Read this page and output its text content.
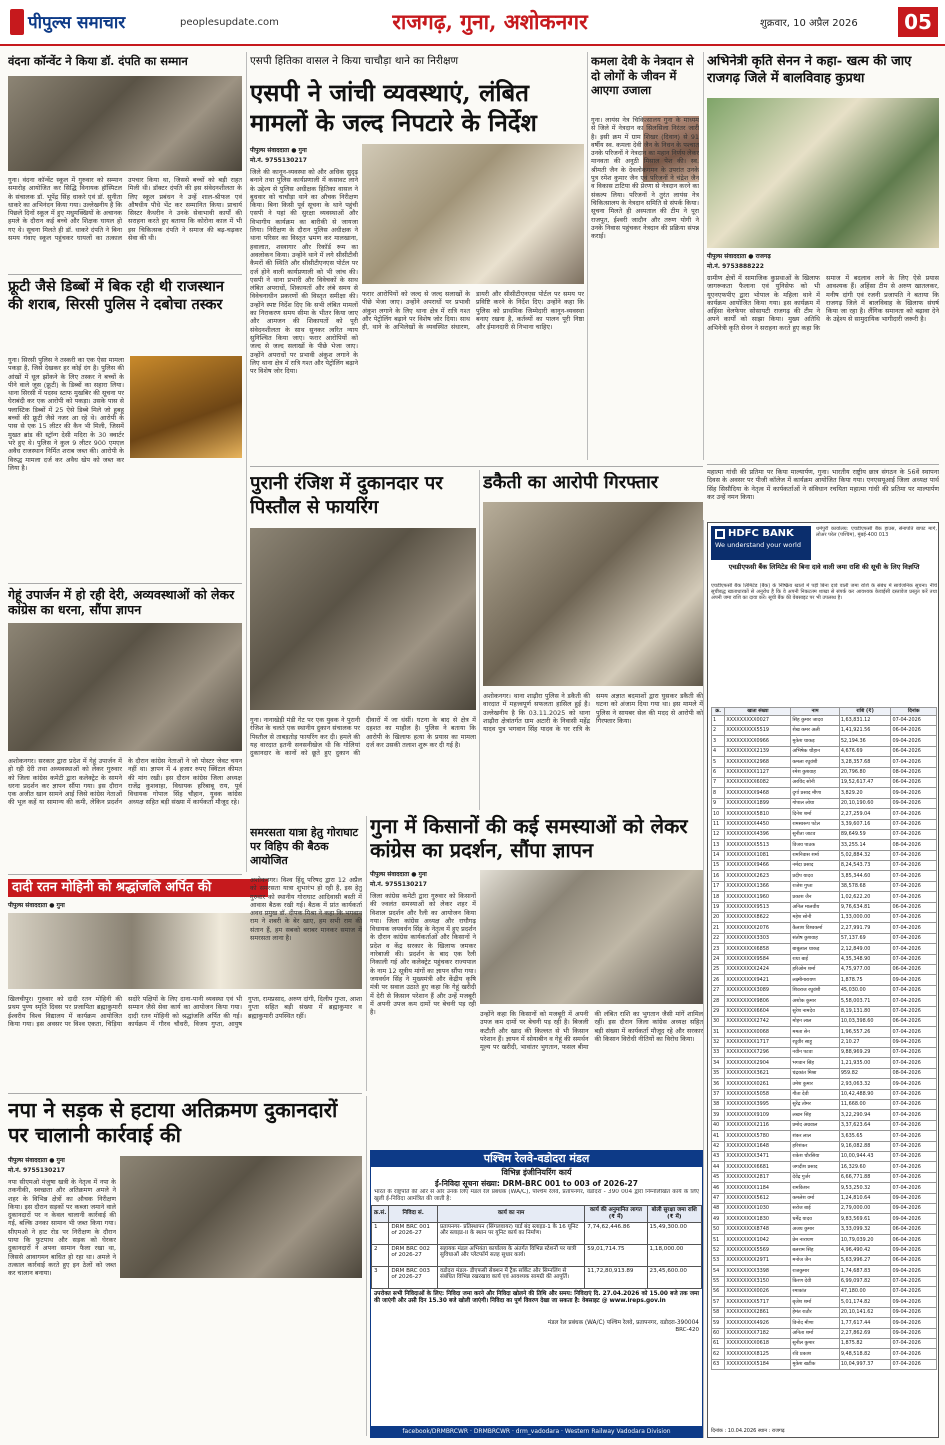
पीपुल्स समाचार	peoplesupdate.com	राजगढ़, गुना, अशोकनगर	शुक्रवार, 10 अप्रैल 2026	05
वंदना कॉन्वेंट ने किया डॉ. दंपति का सम्मान
गुना। वंदना कॉन्वेंट स्कूल में गुरुवार को सम्मान समारोह आयोजित कर सिद्धि विनायक हॉस्पिटल के संचालक डॉ. भूपेंद्र सिंह धाकरे एवं डॉ. सुनीता धाकरे का अभिनंदन किया गया। उल्लेखनीय है कि पिछले दिनों स्कूल में हुए मधुमक्खियों के अचानक हमले के दौरान कई बच्चे और शिक्षक घायल हो गए थे। सूचना मिलते ही डॉ. धाकरे दंपति ने बिना समय गंवाए स्कूल पहुंचकर घायलों का तत्काल उपचार किया था, जिससे बच्चों को बड़ी राहत मिली थी। डॉक्टर दंपति की इस संवेदनशीलता के लिए स्कूल प्रबंधन ने उन्हें शाल-श्रीफल एवं औषधीय पौधे भेंट कर सम्मानित किया। प्राचार्य सिस्टर कैथरीन ने उनके सेवाभावी कार्यों की सराहना करते हुए बताया कि कोरोना काल में भी इस चिकित्सक दंपति ने समाज की बढ़-चढ़कर सेवा की थी।
फ्रूटी जैसे डिब्बों में बिक रही थी राजस्थान की शराब, सिरसी पुलिस ने दबोचा तस्कर
गुना। सिरसी पुलिस ने तस्करी का एक ऐसा मामला पकड़ा है, जिसे देखकर हर कोई दंग है। पुलिस की आंखों में धूल झोंकने के लिए तस्कर ने बच्चों के पीने वाले जूस (फ्रूटी) के डिब्बों का सहारा लिया। थाना सिरसी में पदस्थ स्टाफ मुखबिर की सूचना पर घेराबंदी कर एक आरोपी को पकड़ा। उसके पास से फ्लास्टिक डिब्बों में 25 ऐसे डिब्बे मिले जो हूबहू बच्चों की फ्रूटी जैसे नजर आ रहे थे। आरोपी के पास से एक 15 लीटर की कैन भी मिली, जिसमें मुखत ब्रांड की स्ट्रॉन्ग देसी मदिरा के 30 क्वार्टर भरे हुए थे। पुलिस ने कुल 9 लीटर 900 एमएल अवैध राजस्थान निर्मित शराब जब्त की। आरोपी के विरुद्ध मामला दर्ज कर अवैध खेप को जब्त कर लिया है।
गेहूं उपार्जन में हो रही देरी, अव्यवस्थाओं को लेकर कांग्रेस का धरना, सौंपा ज्ञापन
अशोकनगर। सरकार द्वारा प्रदेश में गेहूं उपार्जन में हो रही देरी तथा अव्यवस्थाओं को लेकर गुरुवार को जिला कांग्रेस कमेटी द्वारा कलेक्ट्रेट के सामने धरना प्रदर्शन कर ज्ञापन सौंपा गया। इस दौरान एक अजीत खान सामने आई जिसे कांग्रेस नेताओं की भूल कहें या सामान्य की कमी, लेकिन प्रदर्शन के दौरान कांग्रेस नेताओं ने जो पोस्टर जेवट चयन नहीं था। ज्ञापन में 4 हजार रुपए क्विंटल कीमत की मांग रखी। इस दौरान कांग्रेस जिला अध्यक्ष राजेंद्र कुशवाहा, विधायक हरिबाबू राय, पूर्व विधायक गोपाल सिंह चौहान, युवक कांग्रेस अध्यक्ष सहित बड़ी संख्या में कार्यकर्ता मौजूद रहे।
दादी रतन मोहिनी को श्रद्धांजलि अर्पित की
पीपुल्स संवाददाता ● गुना
खिलचीपुर। गुरुवार को दादी रतन मोहिनी की प्रथम पुण्य स्मृति दिवस पर प्रजापिता ब्रह्माकुमारी ईश्वरीय विश्व विद्यालय में कार्यक्रम आयोजित किया गया। इस अवसर पर विश्व एकता, चिड़िया सदोरे पक्षियों के लिए दाना-पानी व्यवस्था एवं भी सम्मान जैसे सेवा कार्य का आयोजन किया गया। दादी रतन मोहिनी को श्रद्धांजलि अर्पित की गई। कार्यक्रम में गौरव चौधरी, विजय गुप्ता, आयुष गुप्ता, रामप्रसाद, अरुण दांगी, दिलीप गुप्ता, आशा गुप्ता सहित बड़ी संख्या में ब्रह्माकुमार व ब्रह्माकुमारी उपस्थित रहीं।
नपा ने सड़क से हटाया अतिक्रमण दुकानदारों पर चालानी कार्रवाई की
पीपुल्स संवाददाता ● गुना
मो.नं. 9755130217
नपा सीएमओ मंजुषा खत्री के नेतृत्व में नपा के तकनीकी, स्वच्छता और अतिक्रमण अमले ने शहर के विभिन्न क्षेत्रों का औचक निरीक्षण किया। इस दौरान सड़कों पर कब्जा जमाने वाले दुकानदारों पर न केवल चालानी कार्रवाई की गई, बल्कि उनका सामान भी जब्त किया गया। सीएमओ ने हाट रोड पर निरीक्षण के दौरान पाया कि फुटपाथ और सड़क को घेरकर दुकानदारों ने अपना सामान फैला रखा था, जिससे आवागमन बाधित हो रहा था। अमले ने तत्काल कार्रवाई करते हुए इन ठेलों को जब्त कर चालान बनाया।
एसपी हितिका वासल ने किया चाचौड़ा थाने का निरीक्षण
एसपी ने जांची व्यवस्थाएं, लंबित मामलों के जल्द निपटारे के निर्देश
पीपुल्स संवाददाता ● गुना
मो.नं. 9755130217
जिले की कानून-व्यवस्था को और अधिक सुदृढ़ बनाने तथा पुलिस कार्यप्रणाली में कसावट लाने के उद्देश्य से पुलिस अधीक्षक हितिका वासल ने बुधवार को चाचौड़ा थाने का औचक निरीक्षण किया। बिना किसी पूर्व सूचना के थाने पहुंची एसपी ने यहां की सुरक्षा व्यवस्थाओं और विभागीय कार्यक्रम का बारीकी से जायजा लिया। निरीक्षण के दौरान पुलिस अधीक्षक ने थाना परिसर का विस्तृत भ्रमण कर मालखाना, हवालात, शस्त्रागार और रिकॉर्ड रूम का अवलोकन किया। उन्होंने थाने में लगे सीसीटीवी कैमरों की स्थिति और सीसीटीएनएस पोर्टल पर दर्ज होने वाली कार्यप्रणाली को भी जांच की। एसपी ने थाना प्रभारी और विवेचकों के साथ लंबित अपराधों, शिकायतों और लंबे समय से विवेचनाधीन प्रकरणों की विस्तृत समीक्षा की। उन्होंने स्पष्ट निर्देश दिए कि सभी लंबित मामलों का निराकरण समय सीमा के भीतर किया जाए और आमजन की शिकायतों को पूरी संवेदनशीलता के साथ सुनकर त्वरित न्याय सुनिश्चित किया जाए। फरार आरोपियों को जल्द से जल्द सलाखों के पीछे भेजा जाए। उन्होंने अपराधों पर प्रभावी अंकुश लगाने के लिए थाना क्षेत्र में रात्रि गश्त और पेट्रोलिंग बढ़ाने पर विशेष जोर दिया।
फरार आरोपियों को जल्द से जल्द सलाखों के पीछे भेजा जाए। उन्होंने अपराधों पर प्रभावी अंकुश लगाने के लिए थाना क्षेत्र में रात्रि गश्त और पेट्रोलिंग बढ़ाने पर विशेष जोर दिया। साथ ही, थाने के अभिलेखों के व्यवस्थित संधारण, डायरी और सीसीटीएनएस पोर्टल पर समय पर प्रविष्टि करने के निर्देश दिए। उन्होंने कहा कि पुलिस को प्राथमिक जिम्मेदारी कानून-व्यवस्था बनाए रखना है, कर्तव्यों का पालन पूरी निष्ठा और ईमानदारी से निभाना चाहिए।
कमला देवी के नेत्रदान से दो लोगों के जीवन में आएगा उजाला
गुना। लायंस नेत्र चिकित्सालय गुना के माध्यम से जिले में नेत्रदान का सिलसिला निरंतर जारी है। इसी क्रम में ग्राम शिखर (दिवान) से 91 वर्षीय स्व. कमला देवी जैन के निधन के पश्चात उनके परिजनों ने नेत्रदान का महान निर्णय लेकर मानवता की अनूठी मिसाल पेश की। स्व. श्रीमती जैन के देवलोकगमन के उपरांत उनके पुत्र रमेश कुमार जैन एवं परिजनों ने चंद्रेश जैन व विकास टाटिया की प्रेरणा से नेत्रदान करने का संकल्प लिया। परिजनों ने तुरंत लायंस नेत्र चिकित्सालय के नेत्रदान समिति से संपर्क किया। सूचना मिलते ही अस्पताल की टीम ने पूरा राजपूत, ईश्वरी जादौन और तरुण योगी ने उनके निवास पहुंचकर नेत्रदान की प्रक्रिया संपन्न कराई।
अभिनेत्री कृति सेनन ने कहा- खत्म की जाए राजगढ़ जिले में बालविवाह कुप्रथा
पीपुल्स संवाददाता ● राजगढ़
मो.नं. 9753888222
ग्रामीण क्षेत्रों में सामाजिक कुप्रथाओं के खिलाफ जागरूकता फैलाना एवं युनिसेफ को भी यूएनएफपीए द्वारा भोपाल के महिला थाने में कार्यक्रम आयोजित किया गया। इस कार्यक्रम में अहिंसा वेलफेयर सोसायटी राजगढ़ की टीम ने अपने कार्यों को साझा किया। मुख्य अतिथि अभिनेत्री कृति सेनन ने सराहना करते हुए कहा कि समाज में बदलाव लाने के लिए ऐसे प्रयास आवश्यक हैं। अहिंसा टीम से अरुण खातलकर, मनीष दांगी एवं रजनी प्रजापति ने बताया कि राजगढ़ जिले में बालविवाह के खिलाफ संघर्ष किया जा रहा है। लैंगिक समानता को बढ़ावा देने के उद्देश्य से सामुदायिक भागीदारी जरूरी है।
महात्मा गांधी की प्रतिमा पर किया माल्यार्पण, गुना। भारतीय राष्ट्रीय छात्र संगठन के 56वें स्थापना दिवस के अवसर पर पीजी कॉलेज में कार्यक्रम आयोजित किया गया। एनएसयूआई जिला अध्यक्ष पार्थ सिंह सिसौदिया के नेतृत्व में कार्यकर्ताओं ने संविधान रचयिता महात्मा गांधी की प्रतिमा पर माल्यार्पण कर उन्हें नमन किया।
पुरानी रंजिश में दुकानदार पर पिस्तौल से फायरिंग
गुना। नानाखेड़ी मंडी गेट पर एक युवक ने पुरानी रंजिश के चलते एक स्थानीय दुकान संचालक पर पिस्तौल से ताबड़तोड़ फायरिंग कर दी। हमले की यह वारदात इतनी सनसनीखेज थी कि गोलियां दुकानदार के कानों को छूते हुए दुकान की दीवारों में जा धंसीं। घटना के बाद से क्षेत्र में दहशत का माहौल है। पुलिस ने बताया कि आरोपी के खिलाफ हत्या के प्रयास का मामला दर्ज कर उसकी तलाश शुरू कर दी गई है।
डकैती का आरोपी गिरफ्तार
अशोकनगर। थाना शाढ़ौरा पुलिस ने डकैती की वारदात में महत्त्वपूर्ण सफलता हासिल हुई है। उल्लेखनीय है कि 03.11.2025 को थाना शाढ़ौरा क्षेत्रांतर्गत ग्राम अटारी के निवासी महेंद्र यादव पुत्र भगवान सिंह यादव के घर रात्रि के समय अज्ञात बदमाशों द्वारा घुसकर डकैती की घटना को अंजाम दिया गया था। इस मामले में पुलिस ने सायबर सेल की मदद से आरोपी को गिरफ्तार किया।
समरसता यात्रा हेतु गोराघाट पर विहिप की बैठक आयोजित
अशोकनगर। विश्व हिंदू परिषद द्वारा 12 अप्रैल को समरसता यात्रा शुभारंभ हो रही है, इस हेतु गुरुवार को स्थानीय गोराघाट आदिवासी बस्ती में आवास बैठक रखी गई। बैठक में प्रांत कार्यकर्ता अवध प्रमुख डॉ. दीपक मिश्रा ने कहा कि भगवान राम ने शबरी के बेर खाए, हम सभी राम की संतान हैं, हम सबको बराबर मानकर समाज में समरसता लाना है।
गुना में किसानों की कई समस्याओं को लेकर कांग्रेस का प्रदर्शन, सौंपा ज्ञापन
पीपुल्स संवाददाता ● गुना
मो.नं. 9755130217
जिला कांग्रेस कमेटी द्वारा गुरुवार को किसानों की ज्वलंत समस्याओं को लेकर शहर में विशाल प्रदर्शन और रैली का आयोजन किया गया। जिला कांग्रेस अध्यक्ष और राघौगढ़ विधायक जयवर्धन सिंह के नेतृत्व में हुए प्रदर्शन के दौरान कांग्रेस कार्यकर्ताओं और किसानों ने प्रदेश व केंद्र सरकार के खिलाफ जमकर नारेबाजी की। प्रदर्शन के बाद एक रैली निकाली गई और कलेक्ट्रेट पहुंचकर राज्यपाल के नाम 12 सूत्रीय मांगों का ज्ञापन सौंपा गया। जयवर्धन सिंह ने मुख्यमंत्री और केंद्रीय कृषि मंत्री पर सवाल उठाते हुए कहा कि गेहूं खरीदी में देरी से किसान परेशान हैं और उन्हें मजबूरी में अपनी उपज कम दामों पर बेचनी पड़ रही है।	उन्होंने कहा कि किसानों को मजबूरी में अपनी उपज कम दामों पर बेचनी पड़ रही है। बिजली कटौती और खाद की किल्लत से भी किसान परेशान हैं। ज्ञापन में सोयाबीन व गेहूं की समर्थन मूल्य पर खरीदी, भावांतर भुगतान, फसल बीमा की लंबित राशि का भुगतान जैसी मांगें शामिल रहीं। इस दौरान जिला कांग्रेस अध्यक्ष सहित बड़ी संख्या में कार्यकर्ता मौजूद रहे और सरकार की किसान विरोधी नीतियों का विरोध किया।
पश्चिम रेलवे-वडोदरा मंडल
विभिन्न इंजीनियरिंग कार्य
ई-निविदा सूचना संख्या: DRM-BRC 001 to 003 of 2026-27
भारत के राष्ट्रपति की ओर से और उनके लिए मंडल रेल प्रबंधक (WA/C), पश्चिम रेलवे, प्रतापनगर, वडोदरा - 390 004 द्वारा निम्नलिखित कार्य के लिए खुली ई-निविदा आमंत्रित की जाती है:
क्र.सं.	निविदा सं.	कार्य का नाम	कार्य की अनुमानित लागत (₹ में)	बोली सुरक्षा जमा राशि (₹ में)
1	DRM BRC 001 of 2026-27	प्रतापनगर- प्रतिस्थापन (सिंगलवायर) यार्ड बंद स्लाइड-1 के 16 यूनिट और स्लाइड-II के स्थान पर यूनिट कार्य का निर्माण।	7,74,62,446.86	15,49,300.00
2	DRM BRC 002 of 2026-27	सहायक मंडल अभियंता कार्यालय के अंतर्गत विभिन्न स्टेशनों पर यात्री सुविधाओं और प्लेटफॉर्म सतह सुधार कार्य।	59,01,714.75	1,18,000.00
3	DRM BRC 003 of 2026-27	वडोदरा मंडल- डीएफसी सेक्शन में ट्रैक सर्किट और सिग्नलिंग से संबंधित विभिन्न रखरखाव कार्य एवं आवश्यक सामग्री की आपूर्ति।	11,72,80,913.89	23,45,600.00
उपरोक्त सभी निविदाओं के लिए: निविदा जमा करने और निविदा खोलने की तिथि और समय: निविदाएं दि. 27.04.2026 को 15.00 बजे तक जमा की जाएंगी और उसी दिन 15.30 बजे खोली जाएंगी। निविदा का पूर्ण विवरण देखा जा सकता है: वेबसाइट @ www.ireps.gov.in
मंडल रेल प्रबंधक (WA/C) पश्चिम रेलवे, प्रतापनगर, वडोदरा-390004
BRC-420
facebook/DRMBRCWR · DRMBRCWR · drm_vadodara · Western Railway Vadodara Division
HDFC BANK
We understand your world
धर्मपुरी कार्यालय: एचडीएफसी बैंक हाउस, सेनापति बापट मार्ग, लोअर परेल (पश्चिम), मुंबई-400 013
एचडीएफसी बैंक लिमिटेड की बिना दावे वाली जमा राशि की सूची के लिए विज्ञप्ति
एचडीएफसी बैंक लिमिटेड (बैंक) के निष्क्रिय खातों में पड़ी बिना दावे वाली जमा राशि के संबंध में सार्वजनिक सूचना। नीचे सूचीबद्ध खाताधारकों से अनुरोध है कि वे अपनी निकटतम शाखा से संपर्क कर आवश्यक केवाईसी दस्तावेज प्रस्तुत करें तथा अपनी जमा राशि का दावा करें। सूची बैंक की वेबसाइट पर भी उपलब्ध है।
क्र.	खाता संख्या	नाम	राशि (₹)	दिनांक
1	XXXXXXXXX0027	सिंह कुमार जादव	1,63,831.12	07-04-2026
2	XXXXXXXXX5519	शेख कमर अली	1,41,921.56	06-04-2026
3	XXXXXXXXX0966	मुकेश धाकड़	52,194.36	09-04-2026
4	XXXXXXXXX2139	अभिषेक चौहान	4,676.69	06-04-2026
5	XXXXXXXXX2968	कमला रघुवंशी	3,28,357.68	07-04-2026
6	XXXXXXXXX1127	रमेश कुशवाह	20,796.80	08-04-2026
7	XXXXXXXXX6082	अरविंद सोनी	19,52,617.47	06-04-2026
8	XXXXXXXXX9468	दुर्गा प्रसाद मीणा	3,829.20	09-04-2026
9	XXXXXXXXX1899	गोपाल लोधा	20,10,190.60	09-04-2026
10	XXXXXXXXX5810	दिनेश शर्मा	2,27,259.04	07-04-2026
11	XXXXXXXXX4450	रामस्वरूप पटेल	3,39,607.16	07-04-2026
12	XXXXXXXXX4396	सुनीता जाटव	89,649.59	07-04-2026
13	XXXXXXXXX5513	विजय पाठक	33,255.14	08-04-2026
14	XXXXXXXXX1081	रामनिवास शर्मा	5,02,884.32	07-04-2026
15	XXXXXXXXX9466	नर्मदा प्रसाद	8,24,543.73	07-04-2026
16	XXXXXXXXX2623	प्रदीप यादव	3,85,344.60	07-04-2026
17	XXXXXXXXX1366	राजेश गुप्ता	38,578.68	07-04-2026
18	XXXXXXXXX1960	प्रकाश जैन	1,02,622.20	07-04-2026
19	XXXXXXXXX9513	अनिल मालवीय	9,76,634.81	06-04-2026
20	XXXXXXXXX8622	महेश सोनी	1,33,000.00	07-04-2026
21	XXXXXXXXX2076	कैलाश विश्वकर्मा	2,27,991.79	07-04-2026
22	XXXXXXXXX3303	संतोष कुशवाह	57,137.69	07-04-2026
23	XXXXXXXXX6858	बाबूलाल धाकड़	2,12,849.00	07-04-2026
24	XXXXXXXXX9584	राधा बाई	4,35,348.90	07-04-2026
25	XXXXXXXXX2424	हरिओम शर्मा	4,75,977.00	06-04-2026
26	XXXXXXXXX9421	लक्ष्मीनारायण	1,878.75	09-04-2026
27	XXXXXXXXX3089	शिवराज रघुवंशी	45,030.00	07-04-2026
28	XXXXXXXXX9806	अशोक कुमार	5,58,003.71	07-04-2026
29	XXXXXXXXX6604	सुरेश नामदेव	8,19,131.80	07-04-2026
30	XXXXXXXXX2742	मोहन लाल	10,03,398.60	06-04-2026
31	XXXXXXXXX0068	ममता सेन	1,96,557.26	07-04-2026
32	XXXXXXXXX1717	रघुवीर साहू	2,10.27	09-04-2026
33	XXXXXXXXX7296	नवीन पटवा	9,88,969.29	07-04-2026
34	XXXXXXXXX2904	भगवान सिंह	1,21,935.00	07-04-2026
35	XXXXXXXXX3621	चंद्रकांत मिश्रा	959.82	08-04-2026
36	XXXXXXXXX0261	उमेश कुमार	2,93,063.32	09-04-2026
37	XXXXXXXXX5058	गीता देवी	10,42,488.90	07-04-2026
38	XXXXXXXXX3995	सुरेंद्र तोमर	11,668.00	07-04-2026
39	XXXXXXXXX9109	लखन सिंह	3,22,290.94	07-04-2026
40	XXXXXXXXX2116	प्रमोद अग्रवाल	3,37,623.64	07-04-2026
41	XXXXXXXXX5780	शंकर लाल	3,635.65	07-04-2026
42	XXXXXXXXX1648	हरिशंकर	9,16,082.88	07-04-2026
43	XXXXXXXXX3471	राकेश चौरसिया	10,00,944.43	07-04-2026
44	XXXXXXXXX6681	जगदीश प्रसाद	16,329.60	07-04-2026
45	XXXXXXXXX2817	देवेंद्र गुर्जर	6,66,771.88	07-04-2026
46	XXXXXXXXX1184	रामकिशन	9,53,250.32	07-04-2026
47	XXXXXXXXX5612	कमलेश वर्मा	1,24,810.64	09-04-2026
48	XXXXXXXXX1030	सरोज बाई	2,79,000.00	09-04-2026
49	XXXXXXXXX1830	धर्मेंद्र यादव	9,83,569.61	09-04-2026
50	XXXXXXXXX8748	अजय कुमार	3,33,099.32	06-04-2026
51	XXXXXXXXX1042	प्रेम नारायण	10,79,039.20	06-04-2026
52	XXXXXXXXX5569	बलराम सिंह	4,96,490.42	09-04-2026
53	XXXXXXXXX2971	मनोज जैन	5,63,996.27	06-04-2026
54	XXXXXXXXX3398	राजकुमार	1,74,687.83	09-04-2026
55	XXXXXXXXX3150	किरण देवी	6,99,097.82	07-04-2026
56	XXXXXXXXX0026	रमाकांत	47,180.00	07-04-2026
57	XXXXXXXXX5717	बृजेश शर्मा	5,01,174.82	09-04-2026
58	XXXXXXXXX2861	हेमंत राठौर	20,10,141.62	09-04-2026
59	XXXXXXXXX4926	विनोद मीणा	1,77,617.44	09-04-2026
60	XXXXXXXXX7182	अनिता शर्मा	2,27,862.69	09-04-2026
61	XXXXXXXXX0618	सुनील कुमार	1,875.82	07-04-2026
62	XXXXXXXXX8125	रवि प्रकाश	9,48,518.82	07-04-2026
63	XXXXXXXXX5184	मुकेश खटीक	10,04,997.37	07-04-2026
दिनांक : 10.04.2026 स्थान : राजगढ़
